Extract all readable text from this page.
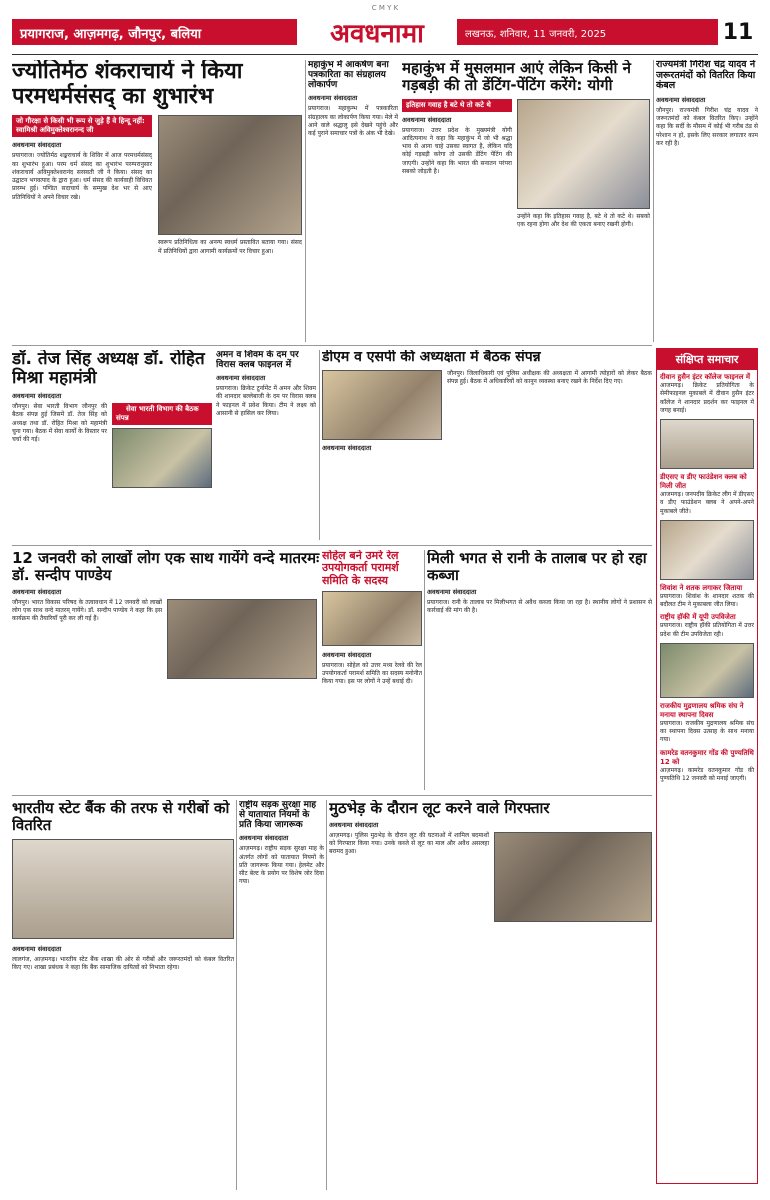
C M Y K
प्रयागराज, आज़मगढ़, जौनपुर, बलिया	अवधनामा	लखनऊ, शनिवार, 11 जनवरी, 2025	11
ज्योतिर्मठ शंकराचार्य ने किया परमधर्मसंसद् का शुभारंभ
जो गौरक्षा से किसी भी रूप से जुड़े हैं वे हिन्दू नहीं: स्वामिश्री अविमुक्तेश्वरानन्द जी
अवधनामा संवाददाता
प्रयागराज। ज्योतिर्मठ शङ्कराचार्य के शिविर में आज परमधर्मसंसद् का शुभारंभ हुआ। परम धर्म संसद का शुभारंभ परम्परानुसार शंकराचार्य अविमुक्तेश्वरानंद सरस्वती जी ने किया। संसद का उद्घाटन भगवत्पाद के द्वारा हुआ। धर्म संसद की कार्यवाही विधिवत प्रारम्भ हुई। पण्डित सदाचार्य के सम्मुख देश भर से आए प्रतिनिधियों ने अपने विचार रखे।
स्वरूप प्रतिनिधित्व का अनन्य स्वधर्म प्रस्तावित बताया गया। संसद में प्रतिनिधियों द्वारा आगामी कार्यक्रमों पर विचार हुआ।
महाकुंभ में आकर्षण बना पत्रकारिता का संग्रहालय लोकार्पण
अवधनामा संवाददाता
प्रयागराज। महाकुम्भ में पत्रकारिता संग्रहालय का लोकार्पण किया गया। मेले में आने वाले श्रद्धालु इसे देखने पहुंचे और कई पुराने समाचार पत्रों के अंक भी देखे।
महाकुंभ में मुसलमान आएं लेकिन किसी ने गड़बड़ी की तो डेंटिंग-पेंटिंग करेंगे: योगी
इतिहास गवाह है बटे थे तो कटे थे
अवधनामा संवाददाता
प्रयागराज। उत्तर प्रदेश के मुख्यमंत्री योगी आदित्यनाथ ने कहा कि महाकुंभ में जो भी श्रद्धा भाव से आना चाहे उसका स्वागत है, लेकिन यदि कोई गड़बड़ी करेगा तो उसकी डेंटिंग पेंटिंग की जाएगी। उन्होंने कहा कि भारत की सनातन परंपरा सबको जोड़ती है।
उन्होंने कहा कि इतिहास गवाह है, बटे थे तो कटे थे। सबको एक रहना होगा और देश की एकता बनाए रखनी होगी।
राज्यमंत्री गिरीश चंद्र यादव ने जरूरतमंदों को वितरित किया कंबल
अवधनामा संवाददाता
जौनपुर। राज्यमंत्री गिरीश चंद्र यादव ने जरूरतमंदों को कंबल वितरित किए। उन्होंने कहा कि सर्दी के मौसम में कोई भी गरीब ठंड से परेशान न हो, इसके लिए सरकार लगातार काम कर रही है।
डॉ. तेज सिंह अध्यक्ष डॉ. रोहित मिश्रा महामंत्री
अवधनामा संवाददाता
जौनपुर। सेवा भारती विभाग जौनपुर की बैठक संपन्न हुई जिसमें डॉ. तेज सिंह को अध्यक्ष तथा डॉ. रोहित मिश्रा को महामंत्री चुना गया। बैठक में सेवा कार्यों के विस्तार पर चर्चा की गई।
सेवा भारती विभाग की बैठक संपन्न
अमन व शिवम के दम पर विरास क्लब फाइनल में
अवधनामा संवाददाता
प्रयागराज। क्रिकेट टूर्नामेंट में अमन और शिवम की शानदार बल्लेबाजी के दम पर विरास क्लब ने फाइनल में प्रवेश किया। टीम ने लक्ष्य को आसानी से हासिल कर लिया।
डीएम व एसपी की अध्यक्षता में बैठक संपन्न
अवधनामा संवाददाता
जौनपुर। जिलाधिकारी एवं पुलिस अधीक्षक की अध्यक्षता में आगामी त्योहारों को लेकर बैठक संपन्न हुई। बैठक में अधिकारियों को कानून व्यवस्था बनाए रखने के निर्देश दिए गए।
संक्षिप्त समाचार
दीवान हुसैन इंटर कॉलेज फाइनल में
आजमगढ़। क्रिकेट प्रतियोगिता के सेमीफाइनल मुकाबले में दीवान हुसैन इंटर कॉलेज ने शानदार प्रदर्शन कर फाइनल में जगह बनाई।
डीएसए व डीए फाउंडेशन क्लब को मिली जीत
आजमगढ़। जनपदीय क्रिकेट लीग में डीएसए व डीए फाउंडेशन क्लब ने अपने-अपने मुकाबले जीते।
शिवांश ने शतक लगाकर जिताया
प्रयागराज। शिवांश के शानदार शतक की बदौलत टीम ने मुकाबला जीत लिया।
राष्ट्रीय हॉकी में यूपी उपविजेता
प्रयागराज। राष्ट्रीय हॉकी प्रतियोगिता में उत्तर प्रदेश की टीम उपविजेता रही।
राजकीय मुद्रणालय श्रमिक संघ ने मनाया स्थापना दिवस
प्रयागराज। राजकीय मुद्रणालय श्रमिक संघ का स्थापना दिवस उत्साह के साथ मनाया गया।
कामरेड वतनकुमार गोंड की पुण्यतिथि 12 को
आज़मगढ़। कामरेड वतनकुमार गोंड की पुण्यतिथि 12 जनवरी को मनाई जाएगी।
12 जनवरी को लाखों लोग एक साथ गायेंगे वन्दे मातरमः डॉ. सन्दीप पाण्डेय
अवधनामा संवाददाता
जौनपुर। भारत विकास परिषद के तत्वावधान में 12 जनवरी को लाखों लोग एक साथ वन्दे मातरम् गायेंगे। डॉ. सन्दीप पाण्डेय ने कहा कि इस कार्यक्रम की तैयारियाँ पूरी कर ली गई हैं।
सोहेल बने उमरे रेल उपयोगकर्ता परामर्श समिति के सदस्य
अवधनामा संवाददाता
प्रयागराज। सोहेल को उत्तर मध्य रेलवे की रेल उपयोगकर्ता परामर्श समिति का सदस्य मनोनीत किया गया। इस पर लोगों ने उन्हें बधाई दी।
मिली भगत से रानी के तालाब पर हो रहा कब्जा
अवधनामा संवाददाता
प्रयागराज। रानी के तालाब पर मिलीभगत से अवैध कब्जा किया जा रहा है। स्थानीय लोगों ने प्रशासन से कार्रवाई की मांग की है।
भारतीय स्टेट बैंक की तरफ से गरीबों को वितरित
अवधनामा संवाददाता
लालगंज, आज़मगढ़। भारतीय स्टेट बैंक शाखा की ओर से गरीबों और जरूरतमंदों को कंबल वितरित किए गए। शाखा प्रबंधक ने कहा कि बैंक सामाजिक दायित्वों को निभाता रहेगा।
राष्ट्रीय सड़क सुरक्षा माह से यातायात नियमों के प्रति किया जागरूक
अवधनामा संवाददाता
आज़मगढ़। राष्ट्रीय सड़क सुरक्षा माह के अंतर्गत लोगों को यातायात नियमों के प्रति जागरूक किया गया। हेलमेट और सीट बेल्ट के प्रयोग पर विशेष जोर दिया गया।
मुठभेड़ के दौरान लूट करने वाले गिरफ्तार
अवधनामा संवाददाता
आज़मगढ़। पुलिस मुठभेड़ के दौरान लूट की घटनाओं में शामिल बदमाशों को गिरफ्तार किया गया। उनके कब्जे से लूट का माल और अवैध असलहा बरामद हुआ।
